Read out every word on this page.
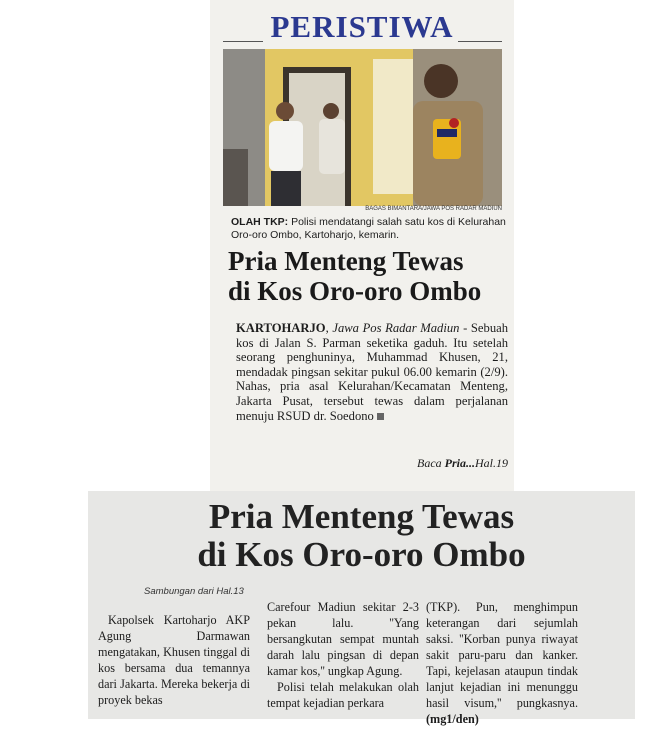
PERISTIWA
BAGAS BIMANTARA/JAWA POS RADAR MADIUN
OLAH TKP: Polisi mendatangi salah satu kos di Kelurahan Oro-oro Ombo, Kartoharjo, kemarin.
Pria Menteng Tewas
di Kos Oro-oro Ombo
KARTOHARJO, Jawa Pos Radar Madiun - Sebuah kos di Jalan S. Parman seketika gaduh. Itu setelah seorang penghuninya, Muhammad Khusen, 21, mendadak pingsan sekitar pukul 06.00 kemarin (2/9). Nahas, pria asal Kelurahan/Kecamatan Menteng, Jakarta Pusat, tersebut tewas dalam perjalanan menuju RSUD dr. Soedono
Baca Pria...Hal.19
Pria Menteng Tewas
di Kos Oro-oro Ombo
Sambungan dari Hal.13

Kapolsek Kartoharjo AKP Agung Darmawan mengatakan, Khusen tinggal di kos bersama dua temannya dari Jakarta. Mereka bekerja di proyek bekas

Carefour Madiun sekitar 2-3 pekan lalu. ''Yang bersangkutan sempat muntah darah lalu pingsan di depan kamar kos,'' ungkap Agung.

Polisi telah melakukan olah tempat kejadian perkara

(TKP). Pun, menghimpun keterangan dari sejumlah saksi. ''Korban punya riwayat sakit paru-paru dan kanker. Tapi, kejelasan ataupun tindak lanjut kejadian ini menunggu hasil visum,'' pungkasnya. (mg1/den)
